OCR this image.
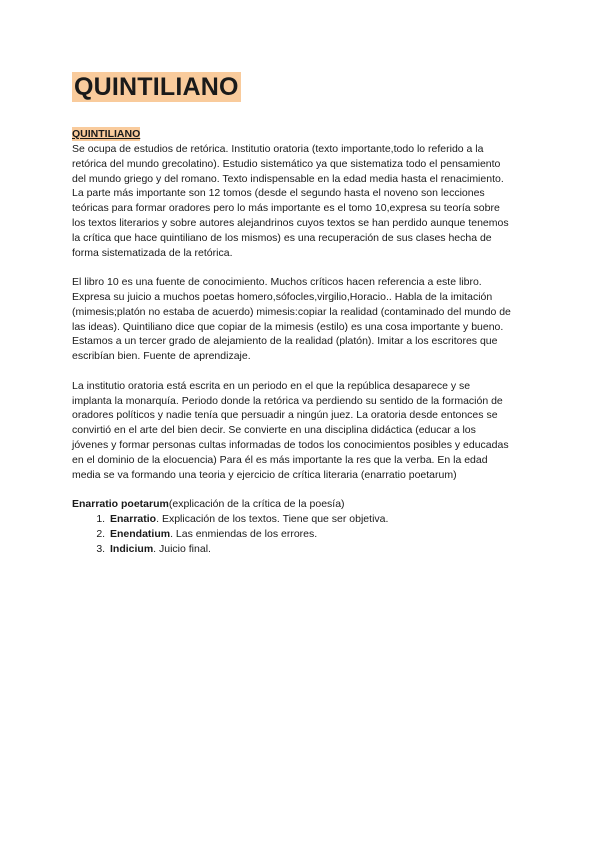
QUINTILIANO
QUINTILIANO

Se ocupa de estudios de retórica. Institutio oratoria (texto importante,todo lo referido a la retórica del mundo grecolatino). Estudio sistemático ya que sistematiza todo el pensamiento del mundo griego y del romano. Texto indispensable en la edad media hasta el renacimiento. La parte más importante son 12 tomos (desde el segundo hasta el noveno son lecciones teóricas para formar oradores pero lo más importante es el tomo 10,expresa su teoría sobre los textos literarios y sobre autores alejandrinos cuyos textos se han perdido aunque tenemos la crítica que hace quintiliano de los mismos) es una recuperación de sus clases hecha de forma sistematizada de la retórica.

El libro 10 es una fuente de conocimiento. Muchos críticos hacen referencia a este libro. Expresa su juicio a muchos poetas homero,sófocles,virgilio,Horacio.. Habla de la imitación (mimesis;platón no estaba de acuerdo) mimesis:copiar la realidad (contaminado del mundo de las ideas). Quintiliano dice que copiar de la mimesis (estilo) es una cosa importante y bueno. Estamos a un tercer grado de alejamiento de la realidad (platón). Imitar a los escritores que escribían bien. Fuente de aprendizaje.

La institutio oratoria está escrita en un periodo en el que la república desaparece y se implanta la monarquía. Periodo donde la retórica va perdiendo su sentido de la formación de oradores políticos y nadie tenía que persuadir a ningún juez. La oratoria desde entonces se convirtió en el arte del bien decir. Se convierte en una disciplina didáctica (educar a los jóvenes y formar personas cultas informadas de todos los conocimientos posibles y educadas en el dominio de la elocuencia) Para él es más importante la res que la verba. En la edad media se va formando una teoria y ejercicio de crítica literaria (enarratio poetarum)

Enarratio poetarum(explicación de la crítica de la poesía)

1. Enarratio. Explicación de los textos. Tiene que ser objetiva.
2. Enendatium. Las enmiendas de los errores.
3. Indicium. Juicio final.
